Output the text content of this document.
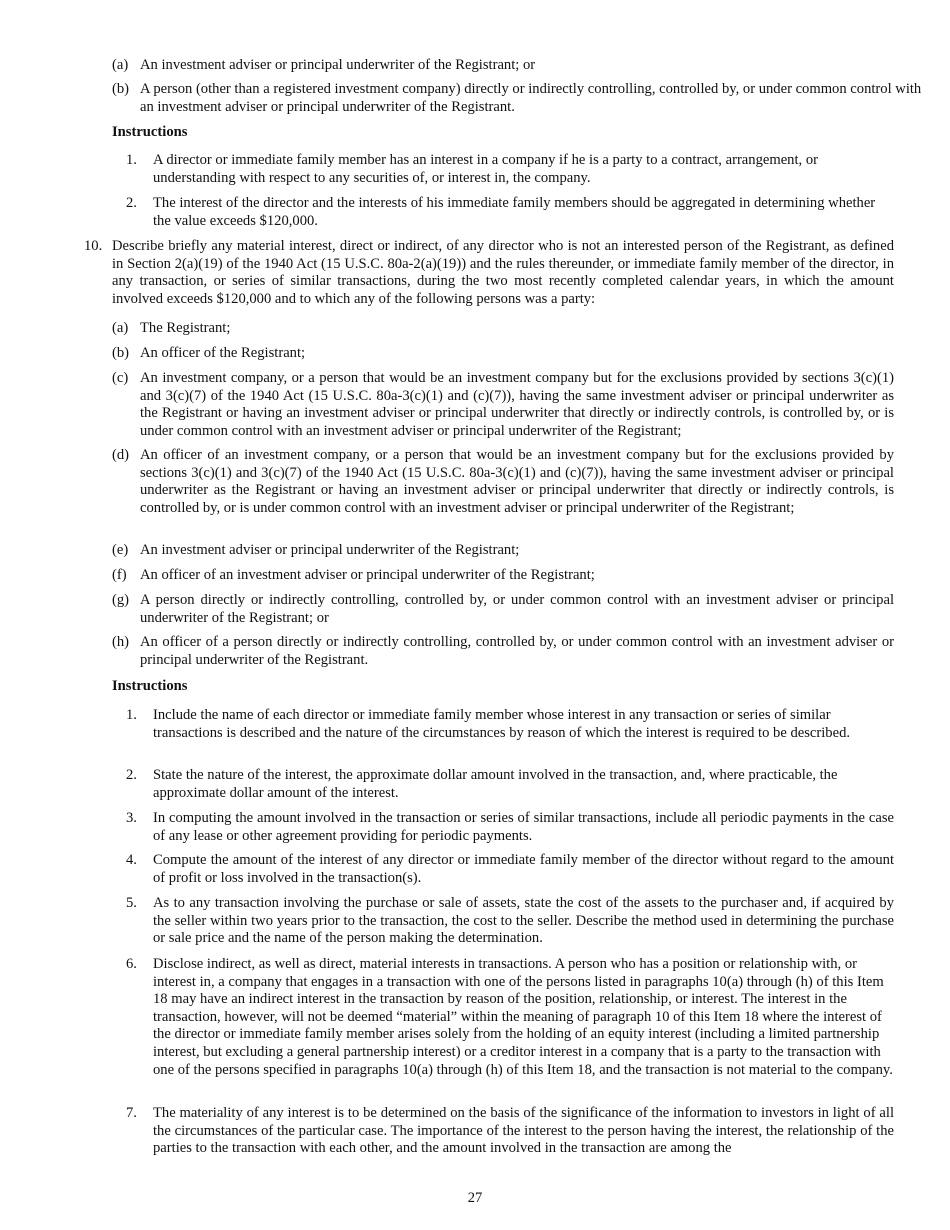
(a) An investment adviser or principal underwriter of the Registrant; or

(b) A person (other than a registered investment company) directly or indirectly controlling, controlled by, or under common control with an investment adviser or principal underwriter of the Registrant.

Instructions

1. A director or immediate family member has an interest in a company if he is a party to a contract, arrangement, or understanding with respect to any securities of, or interest in, the company.

2. The interest of the director and the interests of his immediate family members should be aggregated in determining whether the value exceeds $120,000.

10. Describe briefly any material interest, direct or indirect, of any director who is not an interested person of the Registrant, as defined in Section 2(a)(19) of the 1940 Act (15 U.S.C. 80a-2(a)(19)) and the rules thereunder, or immediate family member of the director, in any transaction, or series of similar transactions, during the two most recently completed calendar years, in which the amount involved exceeds $120,000 and to which any of the following persons was a party:

(a) The Registrant;

(b) An officer of the Registrant;

(c) An investment company, or a person that would be an investment company but for the exclusions provided by sections 3(c)(1) and 3(c)(7) of the 1940 Act (15 U.S.C. 80a-3(c)(1) and (c)(7)), having the same investment adviser or principal underwriter as the Registrant or having an investment adviser or principal underwriter that directly or indirectly controls, is controlled by, or is under common control with an investment adviser or principal underwriter of the Registrant;

(d) An officer of an investment company, or a person that would be an investment company but for the exclusions provided by sections 3(c)(1) and 3(c)(7) of the 1940 Act (15 U.S.C. 80a-3(c)(1) and (c)(7)), having the same investment adviser or principal underwriter as the Registrant or having an investment adviser or principal underwriter that directly or indirectly controls, is controlled by, or is under common control with an investment adviser or principal underwriter of the Registrant;

(e) An investment adviser or principal underwriter of the Registrant;

(f) An officer of an investment adviser or principal underwriter of the Registrant;

(g) A person directly or indirectly controlling, controlled by, or under common control with an investment adviser or principal underwriter of the Registrant; or

(h) An officer of a person directly or indirectly controlling, controlled by, or under common control with an investment adviser or principal underwriter of the Registrant.

Instructions

1. Include the name of each director or immediate family member whose interest in any transaction or series of similar transactions is described and the nature of the circumstances by reason of which the interest is required to be described.

2. State the nature of the interest, the approximate dollar amount involved in the transaction, and, where practicable, the approximate dollar amount of the interest.

3. In computing the amount involved in the transaction or series of similar transactions, include all periodic payments in the case of any lease or other agreement providing for periodic payments.

4. Compute the amount of the interest of any director or immediate family member of the director without regard to the amount of profit or loss involved in the transaction(s).

5. As to any transaction involving the purchase or sale of assets, state the cost of the assets to the purchaser and, if acquired by the seller within two years prior to the transaction, the cost to the seller. Describe the method used in determining the purchase or sale price and the name of the person making the determination.

6. Disclose indirect, as well as direct, material interests in transactions. A person who has a position or relationship with, or interest in, a company that engages in a transaction with one of the persons listed in paragraphs 10(a) through (h) of this Item 18 may have an indirect interest in the transaction by reason of the position, relationship, or interest. The interest in the transaction, however, will not be deemed “material” within the meaning of paragraph 10 of this Item 18 where the interest of the director or immediate family member arises solely from the holding of an equity interest (including a limited partnership interest, but excluding a general partnership interest) or a creditor interest in a company that is a party to the transaction with one of the persons specified in paragraphs 10(a) through (h) of this Item 18, and the transaction is not material to the company.

7. The materiality of any interest is to be determined on the basis of the significance of the information to investors in light of all the circumstances of the particular case. The importance of the interest to the person having the interest, the relationship of the parties to the transaction with each other, and the amount involved in the transaction are among the

27
